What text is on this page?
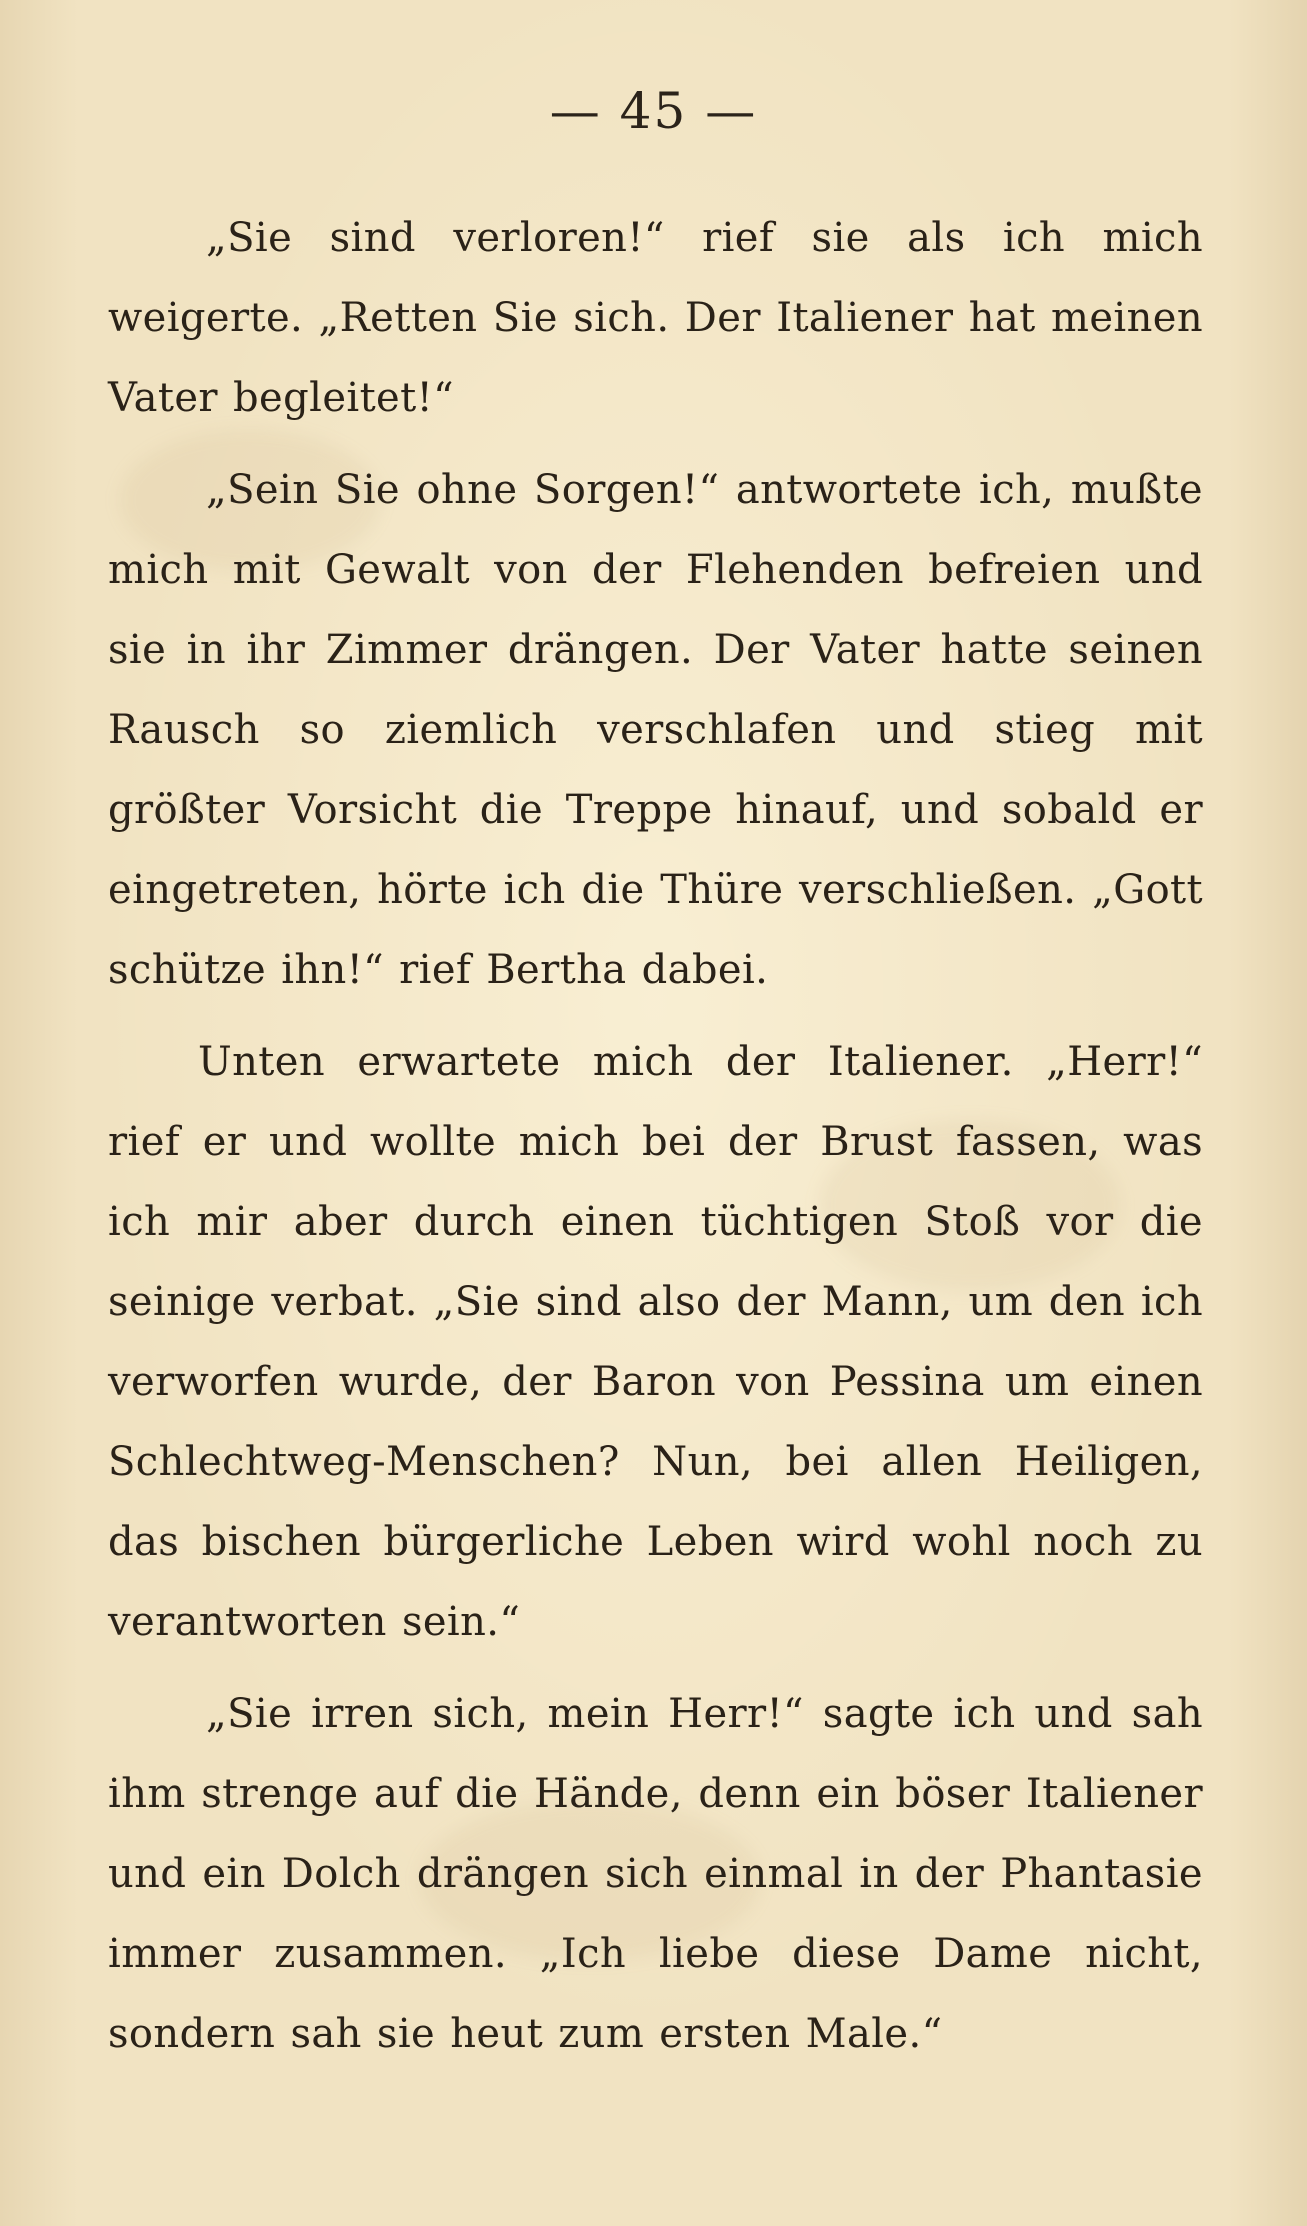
— 45 —

„Sie sind verloren!“ rief sie als ich mich weigerte. „Retten Sie sich. Der Italiener hat meinen Vater begleitet!“

„Sein Sie ohne Sorgen!“ antwortete ich, mußte mich mit Gewalt von der Flehenden befreien und sie in ihr Zimmer drängen. Der Vater hatte seinen Rausch so ziemlich verschlafen und stieg mit größter Vorsicht die Treppe hinauf, und sobald er eingetreten, hörte ich die Thüre verschließen. „Gott schütze ihn!“ rief Bertha dabei.

Unten erwartete mich der Italiener. „Herr!“ rief er und wollte mich bei der Brust fassen, was ich mir aber durch einen tüchtigen Stoß vor die seinige verbat. „Sie sind also der Mann, um den ich verworfen wurde, der Baron von Pessina um einen Schlechtweg-Menschen? Nun, bei allen Heiligen, das bischen bürgerliche Leben wird wohl noch zu verantworten sein.“

„Sie irren sich, mein Herr!“ sagte ich und sah ihm strenge auf die Hände, denn ein böser Italiener und ein Dolch drängen sich einmal in der Phantasie immer zusammen. „Ich liebe diese Dame nicht, sondern sah sie heut zum ersten Male.“
